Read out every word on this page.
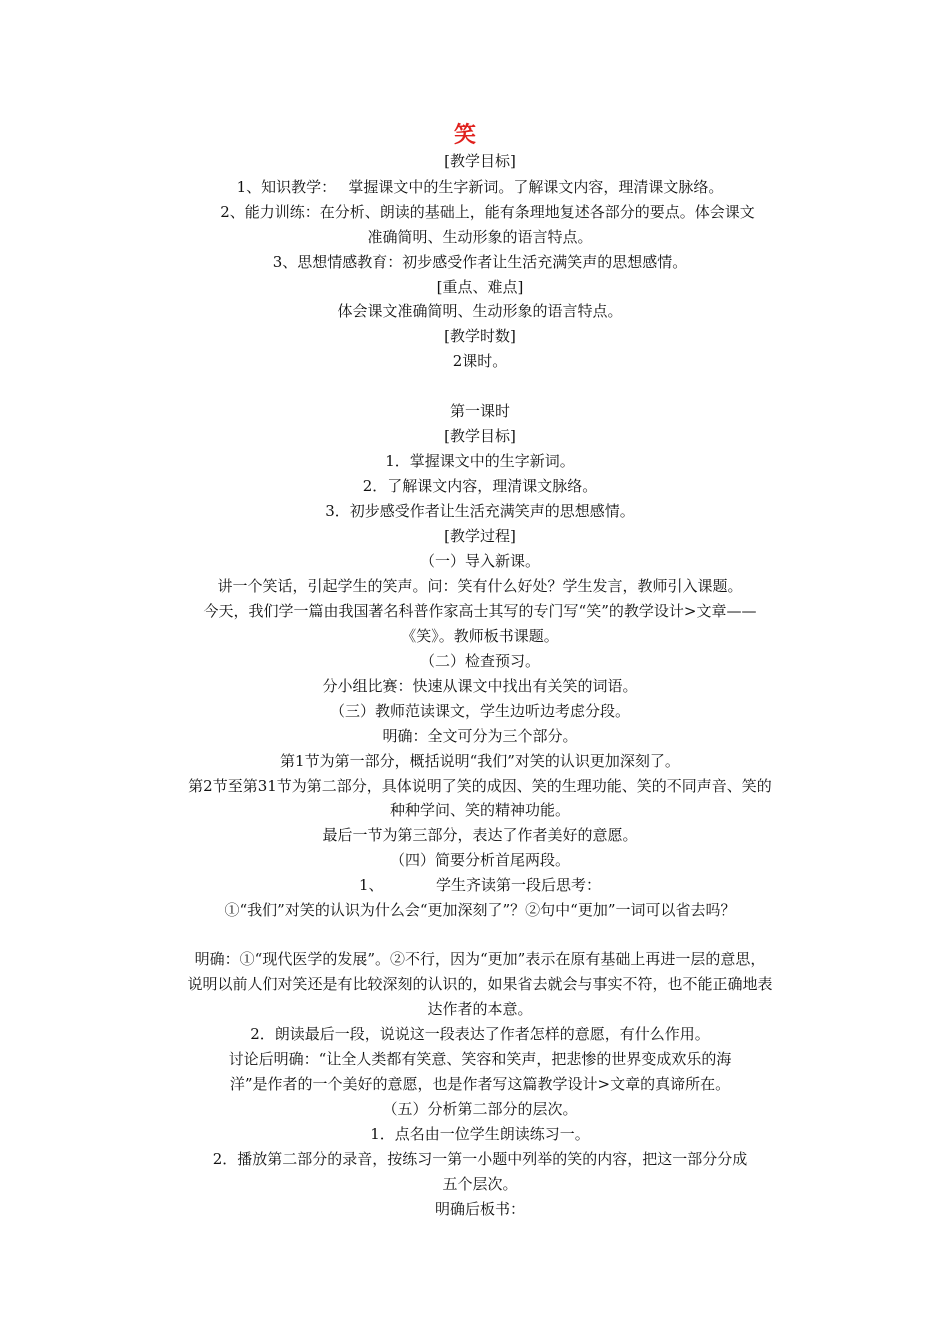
笑
[教学目标]
1、知识教学：　 掌握课文中的生字新词。了解课文内容，理清课文脉络。
　2、能力训练：在分析、朗读的基础上，能有条理地复述各部分的要点。体会课文
准确简明、生动形象的语言特点。
3、思想情感教育：初步感受作者让生活充满笑声的思想感情。
[重点、难点]
体会课文准确简明、生动形象的语言特点。
[教学时数]
2课时。
第一课时
[教学目标]
1．掌握课文中的生字新词。
2．了解课文内容，理清课文脉络。
3．初步感受作者让生活充满笑声的思想感情。
[教学过程]
（一）导入新课。
讲一个笑话，引起学生的笑声。问：笑有什么好处？学生发言，教师引入课题。
今天，我们学一篇由我国著名科普作家高士其写的专门写“笑”的教学设计>文章——
《笑》。教师板书课题。
（二）检查预习。
分小组比赛：快速从课文中找出有关笑的词语。
（三）教师范读课文，学生边听边考虑分段。
明确：全文可分为三个部分。
第1节为第一部分，概括说明“我们”对笑的认识更加深刻了。
第2节至第31节为第二部分，具体说明了笑的成因、笑的生理功能、笑的不同声音、笑的
种种学问、笑的精神功能。
最后一节为第三部分，表达了作者美好的意愿。
（四）简要分析首尾两段。
1、　　　　学生齐读第一段后思考：
①“我们”对笑的认识为什么会“更加深刻了”？②句中“更加”一词可以省去吗？
明确：①“现代医学的发展”。②不行，因为“更加”表示在原有基础上再进一层的意思，
说明以前人们对笑还是有比较深刻的认识的，如果省去就会与事实不符，也不能正确地表
达作者的本意。
2．朗读最后一段，说说这一段表达了作者怎样的意愿，有什么作用。
讨论后明确：“让全人类都有笑意、笑容和笑声，把悲惨的世界变成欢乐的海
洋”是作者的一个美好的意愿，也是作者写这篇教学设计>文章的真谛所在。
（五）分析第二部分的层次。
1．点名由一位学生朗读练习一。
2．播放第二部分的录音，按练习一第一小题中列举的笑的内容，把这一部分分成
五个层次。
明确后板书：
